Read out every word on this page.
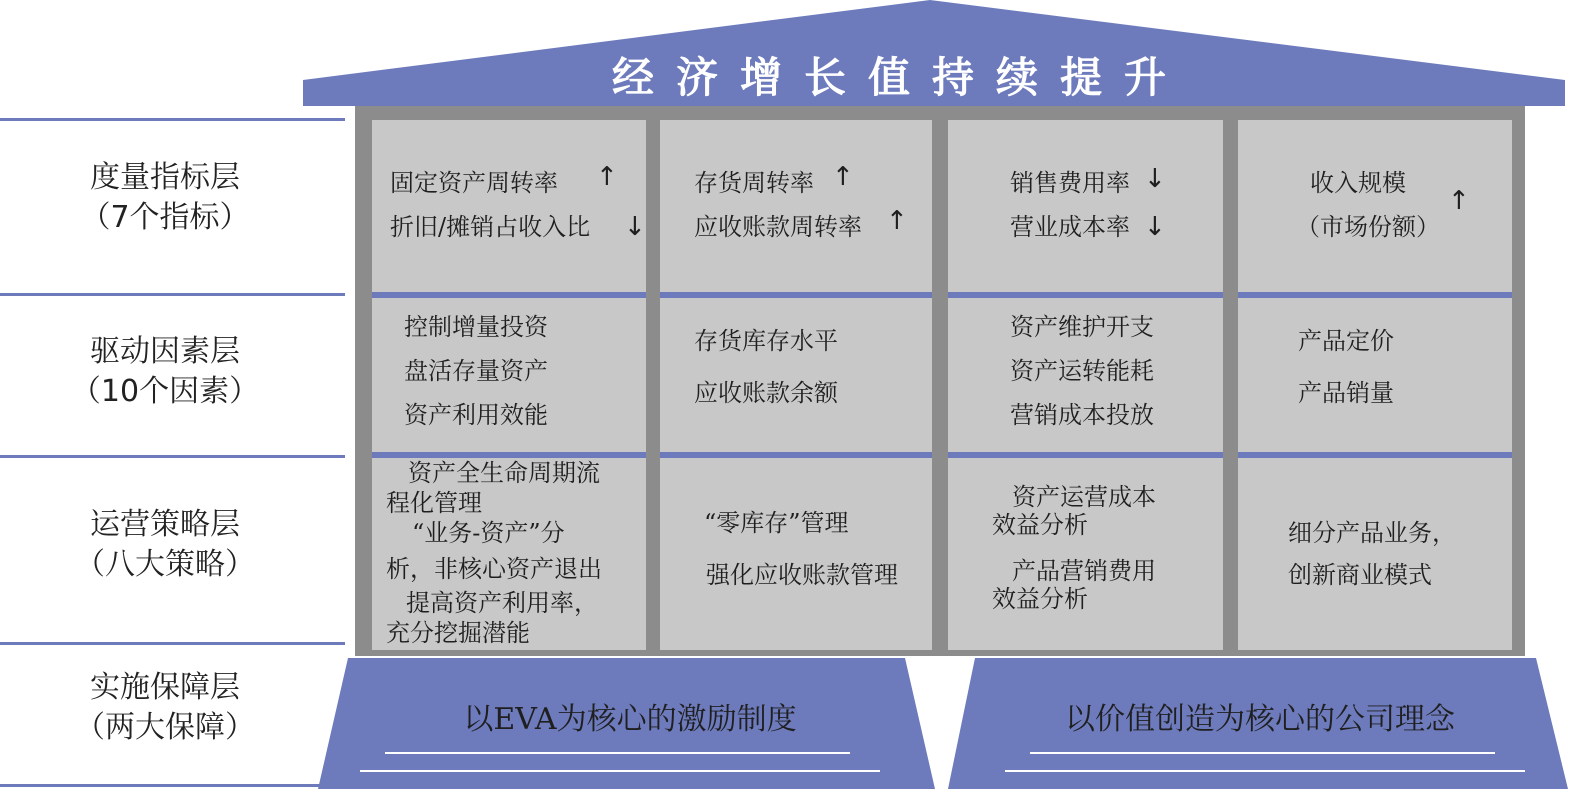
经济增长值持续提升
度量指标层
（7个指标）
驱动因素层
（10个因素）
运营策略层
（八大策略）
实施保障层
（两大保障）
固定资产周转率 ↑
折旧/摊销占收入比 ↓
控制增量投资
盘活存量资产
资产利用效能
资产全生命周期流
程化管理
“业务-资产”分
析，非核心资产退出
提高资产利用率，
充分挖掘潜能
存货周转率 ↑
应收账款周转率 ↑
存货库存水平
应收账款余额
“零库存”管理
强化应收账款管理
销售费用率 ↓
营业成本率 ↓
资产维护开支
资产运转能耗
营销成本投放
资产运营成本
效益分析
产品营销费用
效益分析
收入规模
↑
（市场份额）
产品定价
产品销量
细分产品业务，
创新商业模式
以EVA为核心的激励制度	以价值创造为核心的公司理念
